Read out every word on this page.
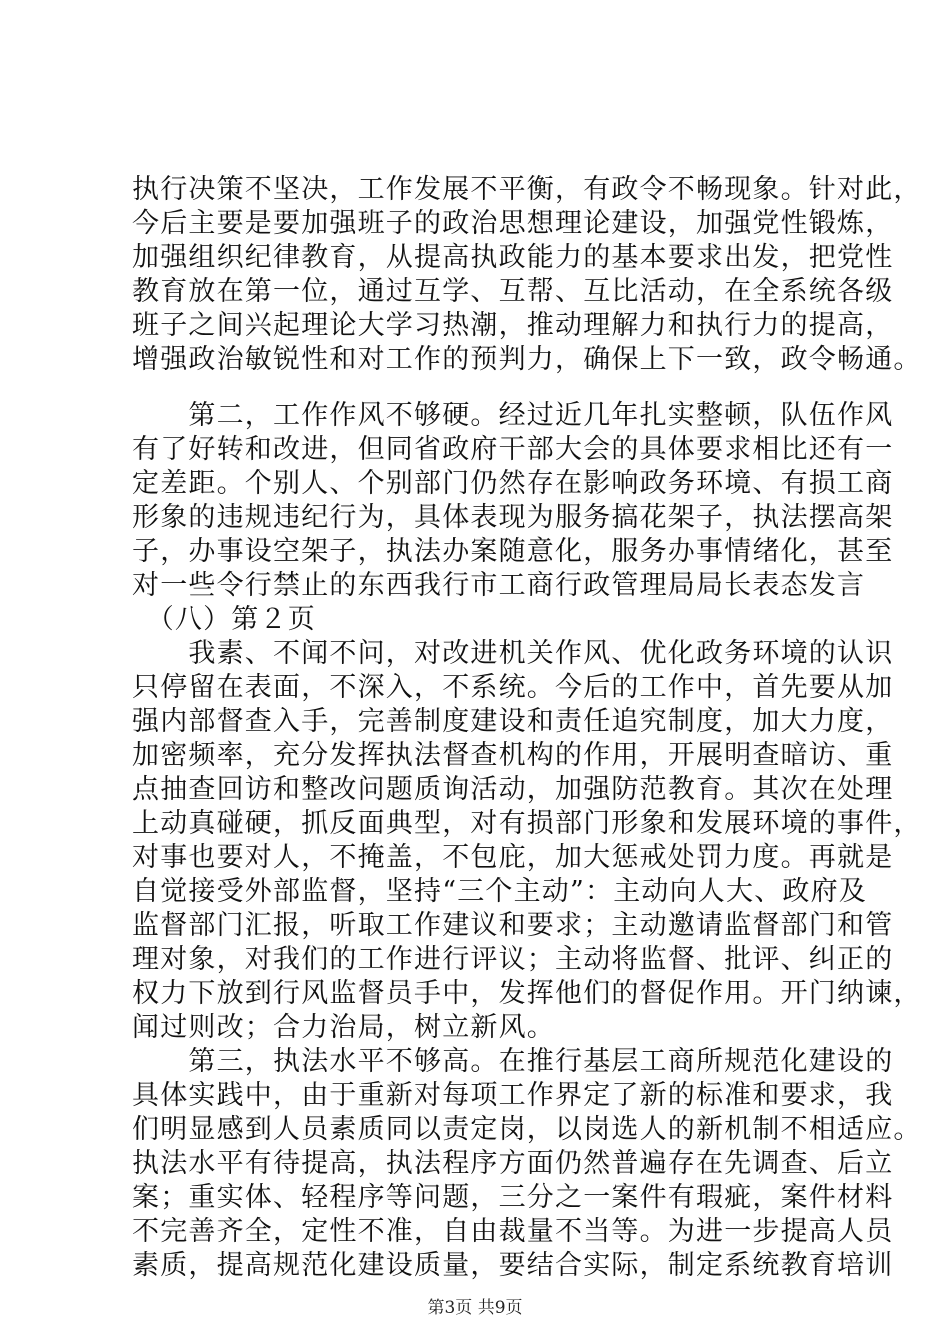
执行决策不坚决，工作发展不平衡，有政令不畅现象。针对此，
今后主要是要加强班子的政治思想理论建设，加强党性锻炼，
加强组织纪律教育，从提高执政能力的基本要求出发，把党性
教育放在第一位，通过互学、互帮、互比活动，在全系统各级
班子之间兴起理论大学习热潮，推动理解力和执行力的提高，
增强政治敏锐性和对工作的预判力，确保上下一致，政令畅通。
　　第二，工作作风不够硬。经过近几年扎实整顿，队伍作风
有了好转和改进，但同省政府干部大会的具体要求相比还有一
定差距。个别人、个别部门仍然存在影响政务环境、有损工商
形象的违规违纪行为，具体表现为服务搞花架子，执法摆高架
子，办事设空架子，执法办案随意化，服务办事情绪化，甚至
对一些令行禁止的东西我行市工商行政管理局局长表态发言
　（八）第２页
　　我素、不闻不问，对改进机关作风、优化政务环境的认识
只停留在表面，不深入，不系统。今后的工作中，首先要从加
强内部督查入手，完善制度建设和责任追究制度，加大力度，
加密频率，充分发挥执法督查机构的作用，开展明查暗访、重
点抽查回访和整改问题质询活动，加强防范教育。其次在处理
上动真碰硬，抓反面典型，对有损部门形象和发展环境的事件，
对事也要对人，不掩盖，不包庇，加大惩戒处罚力度。再就是
自觉接受外部监督，坚持“三个主动”：主动向人大、政府及
监督部门汇报，听取工作建议和要求；主动邀请监督部门和管
理对象，对我们的工作进行评议；主动将监督、批评、纠正的
权力下放到行风监督员手中，发挥他们的督促作用。开门纳谏，
闻过则改；合力治局，树立新风。
　　第三，执法水平不够高。在推行基层工商所规范化建设的
具体实践中，由于重新对每项工作界定了新的标准和要求，我
们明显感到人员素质同以责定岗，以岗选人的新机制不相适应。
执法水平有待提高，执法程序方面仍然普遍存在先调查、后立
案；重实体、轻程序等问题，三分之一案件有瑕疵，案件材料
不完善齐全，定性不准，自由裁量不当等。为进一步提高人员
素质，提高规范化建设质量，要结合实际，制定系统教育培训
第3页 共9页
